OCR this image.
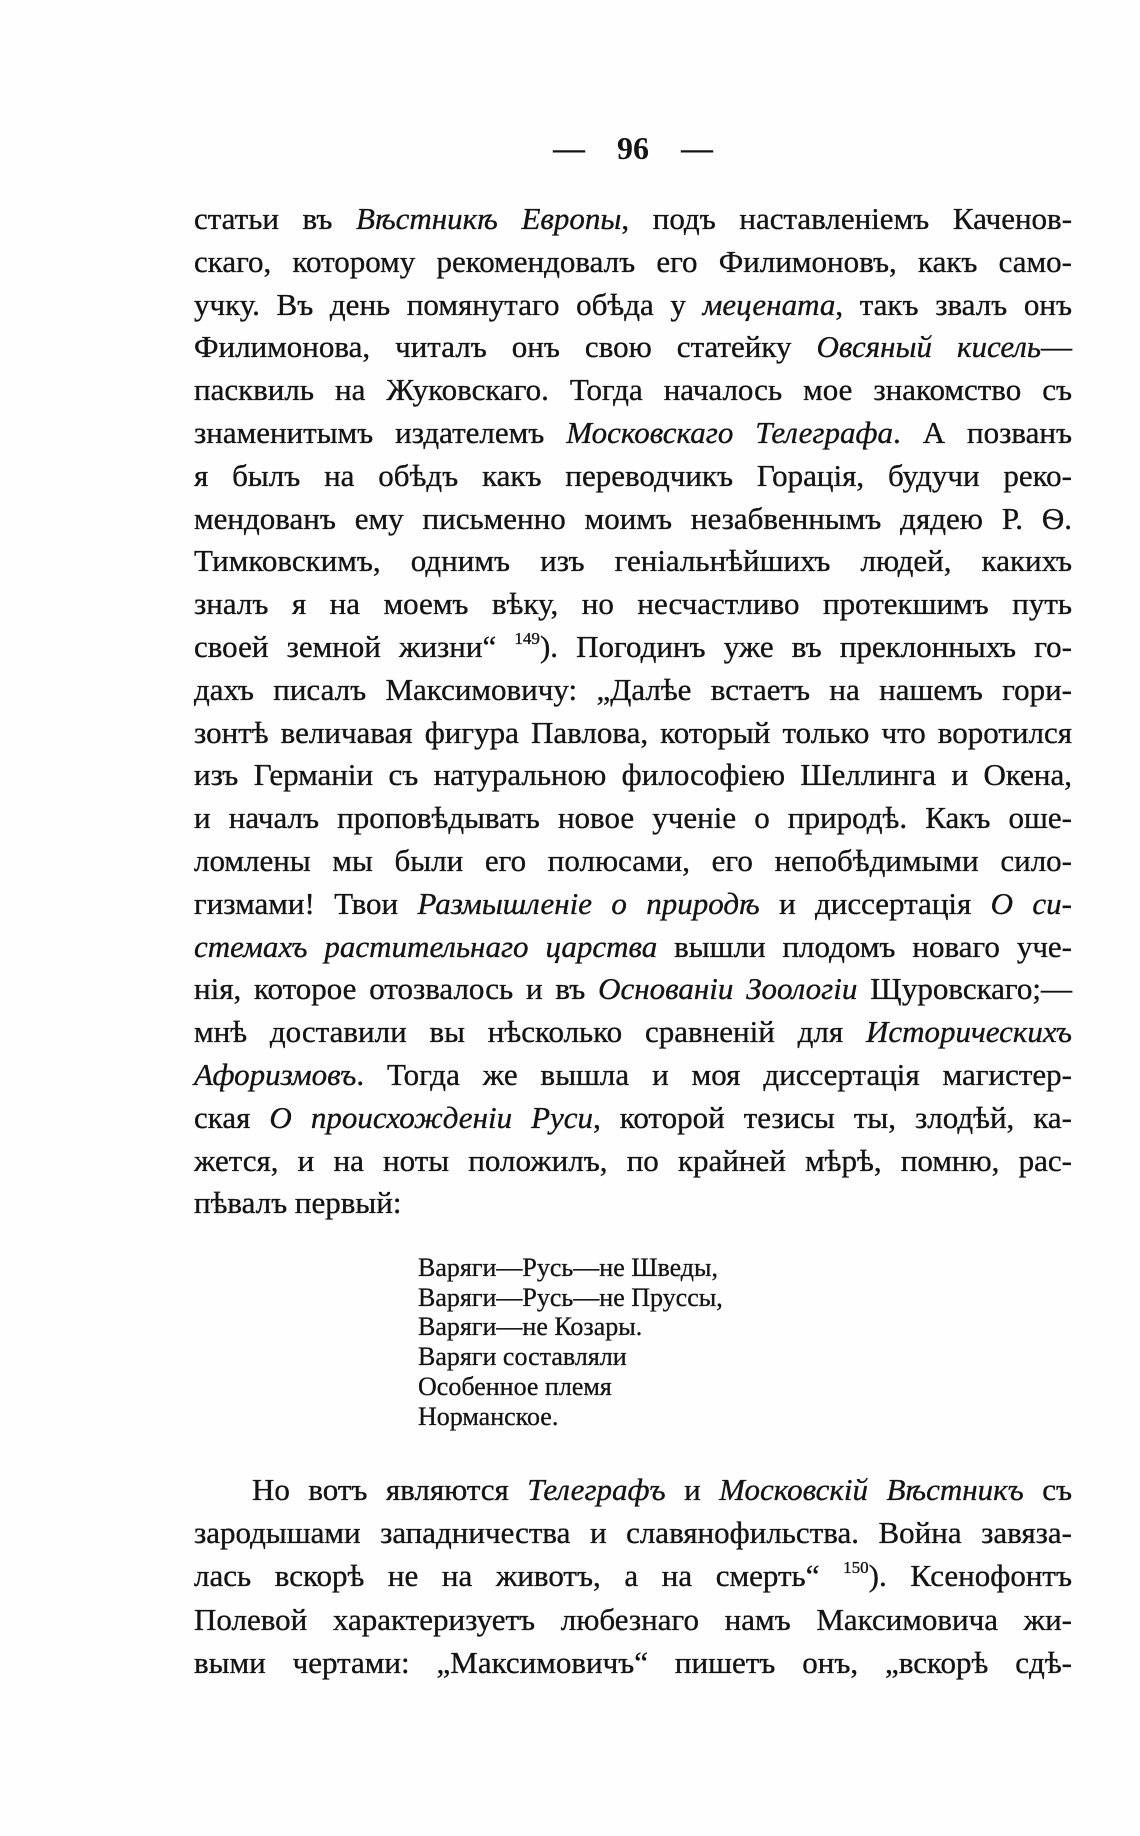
— 96 —
статьи въ Вѣстникѣ Европы, подъ наставленіемъ Каченов-
скаго, которому рекомендовалъ его Филимоновъ, какъ само-
учку. Въ день помянутаго обѣда у мецената, такъ звалъ онъ
Филимонова, читалъ онъ свою статейку Овсяный кисель—
пасквиль на Жуковскаго. Тогда началось мое знакомство съ
знаменитымъ издателемъ Московскаго Телеграфа. А позванъ
я былъ на обѣдъ какъ переводчикъ Горація, будучи реко-
мендованъ ему письменно моимъ незабвеннымъ дядею Р. Ѳ.
Тимковскимъ, однимъ изъ геніальнѣйшихъ людей, какихъ
зналъ я на моемъ вѣку, но несчастливо протекшимъ путь
своей земной жизни“ $^{149}$). Погодинъ уже въ преклонныхъ го-
дахъ писалъ Максимовичу: „Далѣе встаетъ на нашемъ гори-
зонтѣ величавая фигура Павлова, который только что воротился
изъ Германіи съ натуральною философіею Шеллинга и Окена,
и началъ проповѣдывать новое ученіе о природѣ. Какъ оше-
ломлены мы были его полюсами, его непобѣдимыми сило-
гизмами! Твои Размышленіе о природѣ и диссертація О си-
стемахъ растительнаго царства вышли плодомъ новаго уче-
нія, которое отозвалось и въ Основаніи Зоологіи Щуровскаго;—
мнѣ доставили вы нѣсколько сравненій для Историческихъ
Афоризмовъ. Тогда же вышла и моя диссертація магистер-
ская О происхожденіи Руси, которой тезисы ты, злодѣй, ка-
жется, и на ноты положилъ, по крайней мѣрѣ, помню, рас-
пѣвалъ первый:
Варяги—Русь—не Шведы,
Варяги—Русь—не Пруссы,
Варяги—не Козары.
Варяги составляли
Особенное племя
Норманское.
Но вотъ являются Телеграфъ и Московскій Вѣстникъ съ
зародышами западничества и славянофильства. Война завяза-
лась вскорѣ не на животъ, а на смерть“ $^{150}$). Ксенофонтъ
Полевой характеризуетъ любезнаго намъ Максимовича жи-
выми чертами: „Максимовичъ“ пишетъ онъ, „вскорѣ сдѣ-
